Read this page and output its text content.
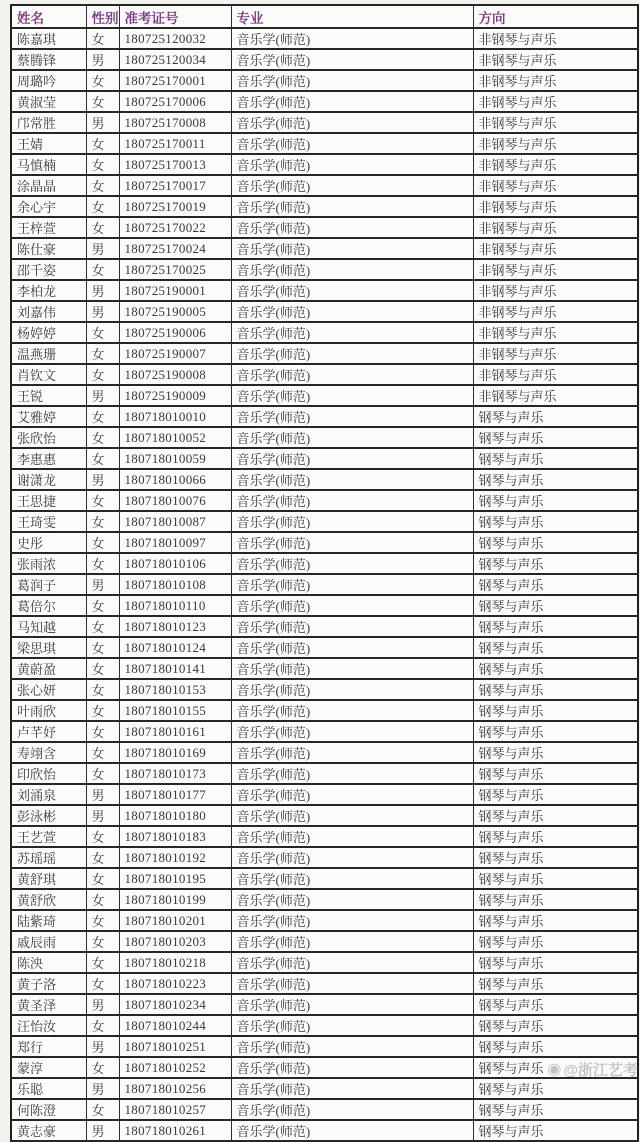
姓名	性别	准考证号	专业	方向
陈嘉琪	女	180725120032	音乐学(师范)	非钢琴与声乐
蔡腾锋	男	180725120034	音乐学(师范)	非钢琴与声乐
周璐吟	女	180725170001	音乐学(师范)	非钢琴与声乐
黄淑莹	女	180725170006	音乐学(师范)	非钢琴与声乐
邝常胜	男	180725170008	音乐学(师范)	非钢琴与声乐
王婧	女	180725170011	音乐学(师范)	非钢琴与声乐
马慎楠	女	180725170013	音乐学(师范)	非钢琴与声乐
涂晶晶	女	180725170017	音乐学(师范)	非钢琴与声乐
余心宇	女	180725170019	音乐学(师范)	非钢琴与声乐
王梓萱	女	180725170022	音乐学(师范)	非钢琴与声乐
陈仕豪	男	180725170024	音乐学(师范)	非钢琴与声乐
邵千姿	女	180725170025	音乐学(师范)	非钢琴与声乐
李柏龙	男	180725190001	音乐学(师范)	非钢琴与声乐
刘嘉伟	男	180725190005	音乐学(师范)	非钢琴与声乐
杨婷婷	女	180725190006	音乐学(师范)	非钢琴与声乐
温燕珊	女	180725190007	音乐学(师范)	非钢琴与声乐
肖钦文	女	180725190008	音乐学(师范)	非钢琴与声乐
王锐	男	180725190009	音乐学(师范)	非钢琴与声乐
艾雅婷	女	180718010010	音乐学(师范)	钢琴与声乐
张欣怡	女	180718010052	音乐学(师范)	钢琴与声乐
李惠惠	女	180718010059	音乐学(师范)	钢琴与声乐
谢潇龙	男	180718010066	音乐学(师范)	钢琴与声乐
王思捷	女	180718010076	音乐学(师范)	钢琴与声乐
王琦雯	女	180718010087	音乐学(师范)	钢琴与声乐
史彤	女	180718010097	音乐学(师范)	钢琴与声乐
张雨浓	女	180718010106	音乐学(师范)	钢琴与声乐
葛润子	男	180718010108	音乐学(师范)	钢琴与声乐
葛倍尔	女	180718010110	音乐学(师范)	钢琴与声乐
马知越	女	180718010123	音乐学(师范)	钢琴与声乐
梁思琪	女	180718010124	音乐学(师范)	钢琴与声乐
黄蔚盈	女	180718010141	音乐学(师范)	钢琴与声乐
张心妍	女	180718010153	音乐学(师范)	钢琴与声乐
叶雨欣	女	180718010155	音乐学(师范)	钢琴与声乐
卢芊妤	女	180718010161	音乐学(师范)	钢琴与声乐
寿翊含	女	180718010169	音乐学(师范)	钢琴与声乐
印欣怡	女	180718010173	音乐学(师范)	钢琴与声乐
刘涌泉	男	180718010177	音乐学(师范)	钢琴与声乐
彭泳彬	男	180718010180	音乐学(师范)	钢琴与声乐
王艺萱	女	180718010183	音乐学(师范)	钢琴与声乐
苏瑶瑶	女	180718010192	音乐学(师范)	钢琴与声乐
黄舒琪	女	180718010195	音乐学(师范)	钢琴与声乐
黄舒欣	女	180718010199	音乐学(师范)	钢琴与声乐
陆紫琦	女	180718010201	音乐学(师范)	钢琴与声乐
戚辰雨	女	180718010203	音乐学(师范)	钢琴与声乐
陈泱	女	180718010218	音乐学(师范)	钢琴与声乐
黄子洛	女	180718010223	音乐学(师范)	钢琴与声乐
黄圣泽	男	180718010234	音乐学(师范)	钢琴与声乐
汪怡汝	女	180718010244	音乐学(师范)	钢琴与声乐
郑行	男	180718010251	音乐学(师范)	钢琴与声乐
蒙淳	女	180718010252	音乐学(师范)	钢琴与声乐
乐聪	男	180718010256	音乐学(师范)	钢琴与声乐
何陈澄	女	180718010257	音乐学(师范)	钢琴与声乐
黄志豪	男	180718010261	音乐学(师范)	钢琴与声乐
◉ @浙江艺考
